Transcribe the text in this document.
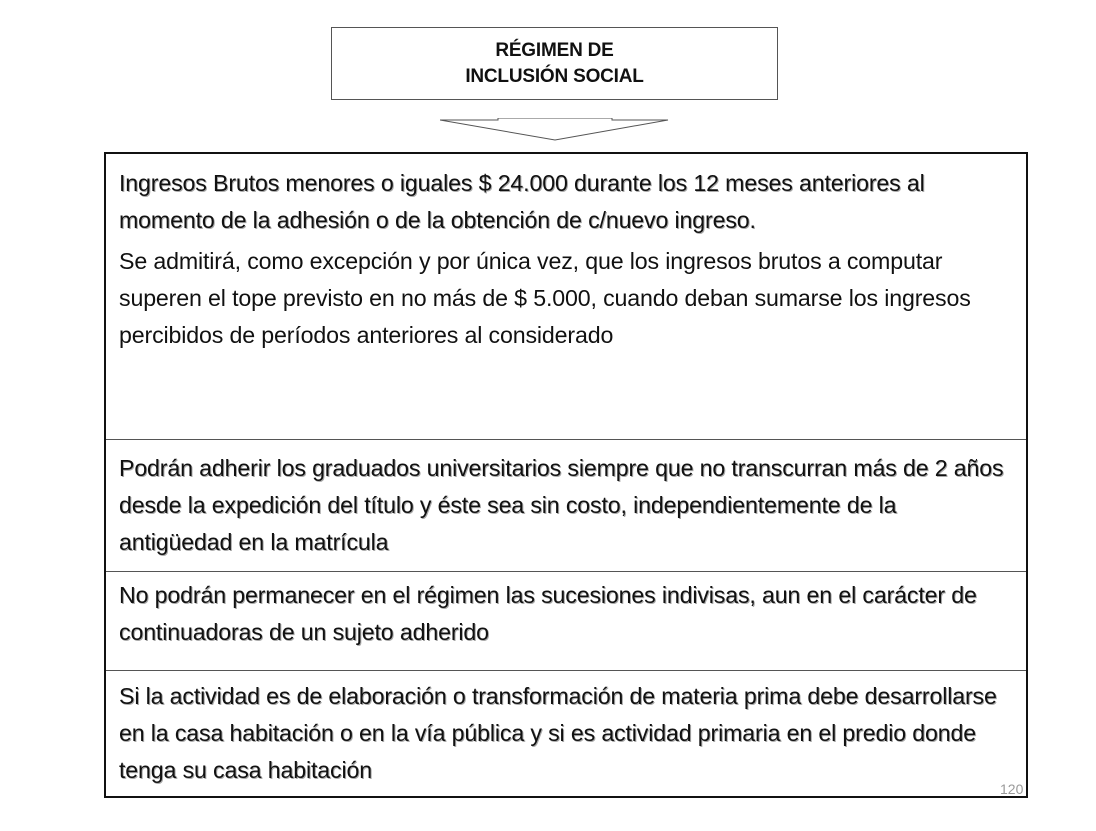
RÉGIMEN DE
INCLUSIÓN SOCIAL

Ingresos Brutos menores o iguales $ 24.000 durante los 12 meses anteriores al momento de la adhesión o de la obtención de c/nuevo ingreso.

Se admitirá, como excepción y por única vez, que los ingresos brutos a computar superen el tope previsto en no más de $ 5.000, cuando deban sumarse los ingresos percibidos de períodos anteriores al considerado

Podrán adherir los graduados universitarios siempre que no transcurran más de 2 años desde la expedición del título y éste sea sin costo, independientemente de la antigüedad en la matrícula

No podrán permanecer en el régimen las sucesiones indivisas, aun en el carácter de continuadoras de un sujeto adherido

Si la actividad es de elaboración o transformación de materia prima debe desarrollarse en la casa habitación o en la vía pública y si es actividad primaria en el predio donde tenga su casa habitación

120
